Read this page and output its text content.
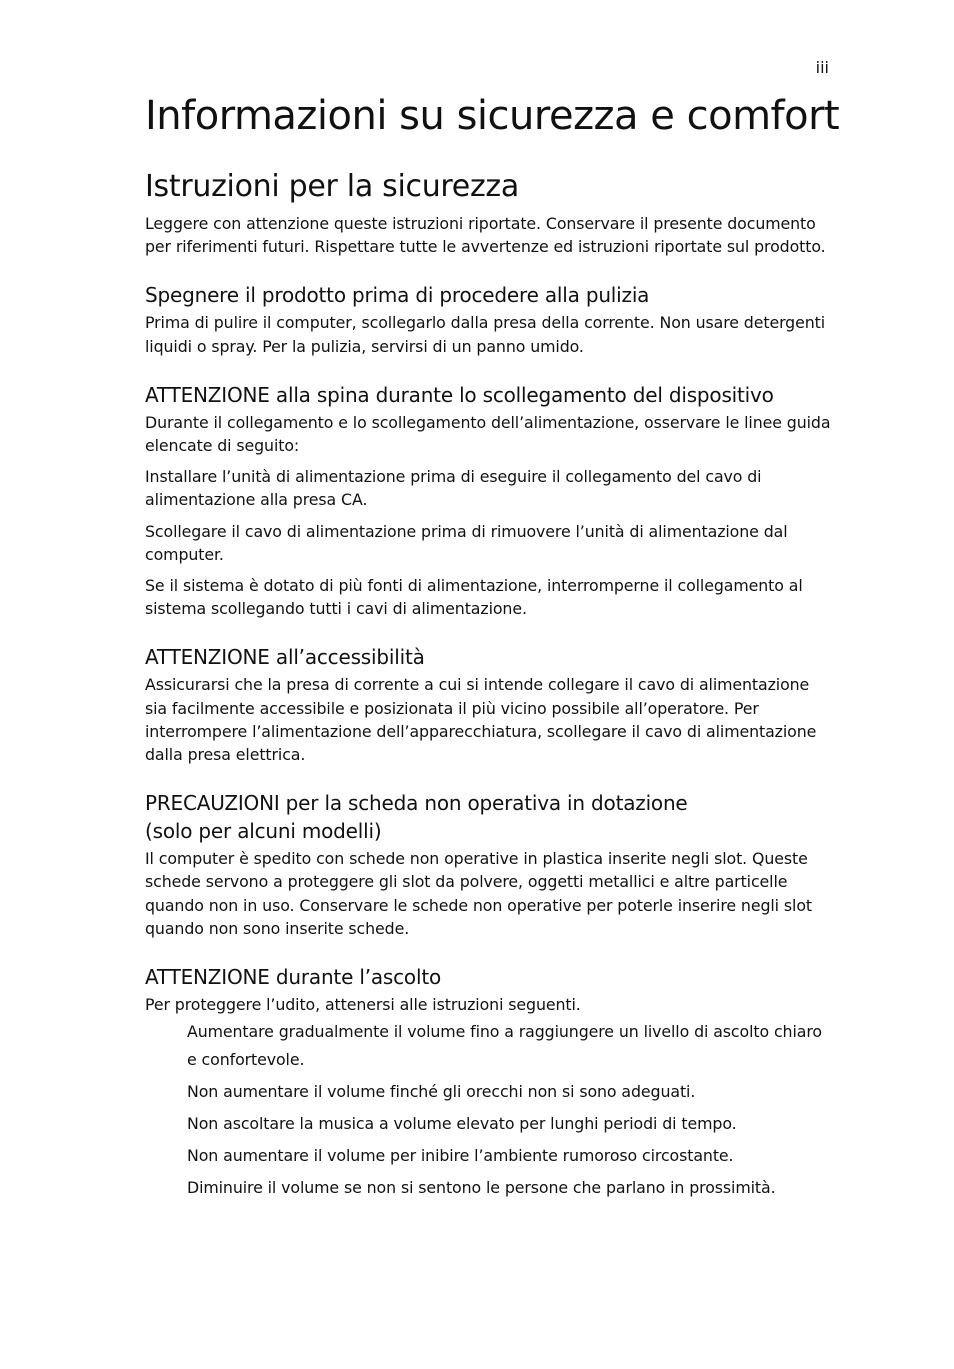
iii
Informazioni su sicurezza e comfort
Istruzioni per la sicurezza

Leggere con attenzione queste istruzioni riportate. Conservare il presente documento per riferimenti futuri. Rispettare tutte le avvertenze ed istruzioni riportate sul prodotto.

Spegnere il prodotto prima di procedere alla pulizia

Prima di pulire il computer, scollegarlo dalla presa della corrente. Non usare detergenti liquidi o spray. Per la pulizia, servirsi di un panno umido.

ATTENZIONE alla spina durante lo scollegamento del dispositivo

Durante il collegamento e lo scollegamento dell’alimentazione, osservare le linee guida elencate di seguito:

Installare l’unità di alimentazione prima di eseguire il collegamento del cavo di alimentazione alla presa CA.

Scollegare il cavo di alimentazione prima di rimuovere l’unità di alimentazione dal computer.

Se il sistema è dotato di più fonti di alimentazione, interromperne il collegamento al sistema scollegando tutti i cavi di alimentazione.

ATTENZIONE all’accessibilità

Assicurarsi che la presa di corrente a cui si intende collegare il cavo di alimentazione sia facilmente accessibile e posizionata il più vicino possibile all’operatore. Per interrompere l’alimentazione dell’apparecchiatura, scollegare il cavo di alimentazione dalla presa elettrica.

PRECAUZIONI per la scheda non operativa in dotazione
(solo per alcuni modelli)

Il computer è spedito con schede non operative in plastica inserite negli slot. Queste schede servono a proteggere gli slot da polvere, oggetti metallici e altre particelle quando non in uso. Conservare le schede non operative per poterle inserire negli slot quando non sono inserite schede.

ATTENZIONE durante l’ascolto

Per proteggere l’udito, attenersi alle istruzioni seguenti.

Aumentare gradualmente il volume fino a raggiungere un livello di ascolto chiaro e confortevole.
Non aumentare il volume finché gli orecchi non si sono adeguati.
Non ascoltare la musica a volume elevato per lunghi periodi di tempo.
Non aumentare il volume per inibire l’ambiente rumoroso circostante.
Diminuire il volume se non si sentono le persone che parlano in prossimità.
